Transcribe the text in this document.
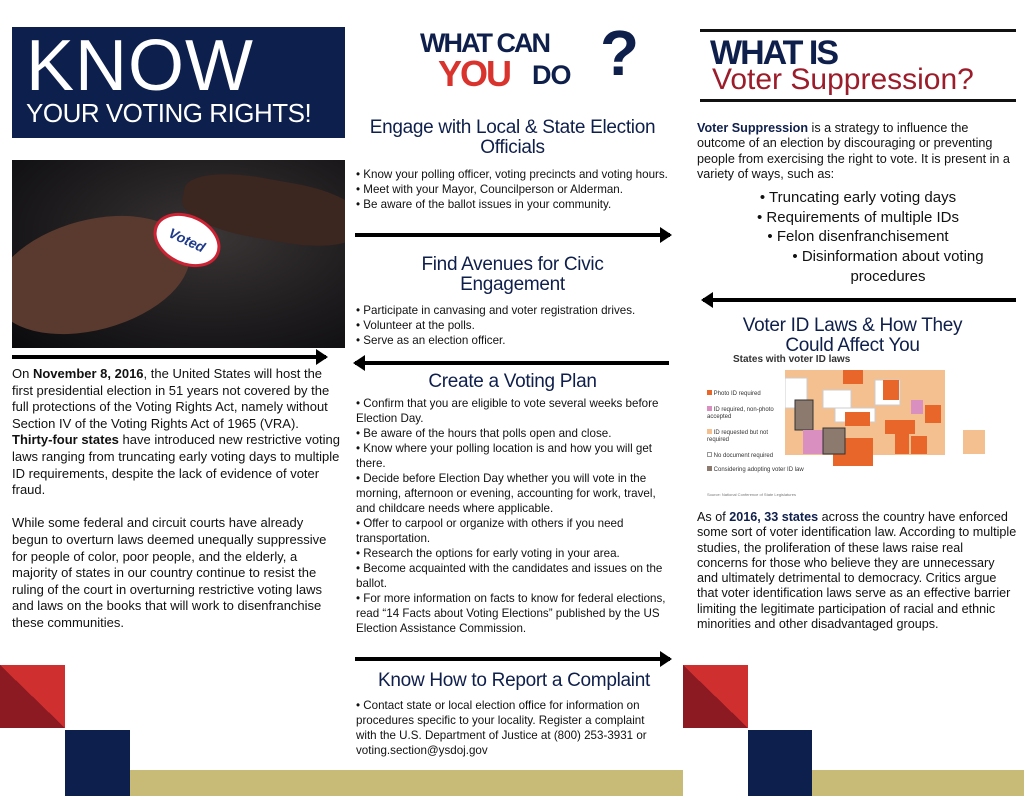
KNOW
YOUR VOTING RIGHTS!
Voted

On November 8, 2016, the United States will host the first presidential election in 51 years not covered by the full protections of the Voting Rights Act, namely without Section IV of the Voting Rights Act of 1965 (VRA). Thirty-four states have introduced new restrictive voting laws ranging from truncating early voting days to multiple ID requirements, despite the lack of evidence of voter fraud.

While some federal and circuit courts have already begun to overturn laws deemed unequally suppressive for people of color, poor people, and the elderly, a majority of states in our country continue to resist the ruling of the court in overturning restrictive voting laws and laws on the books that will work to disenfranchise these communities.

WHAT CAN
YOU DO ?
Engage with Local & State Election Officials
• Know your polling officer, voting precincts and voting hours.
• Meet with your Mayor, Councilperson or Alderman.
• Be aware of the ballot issues in your community.
Find Avenues for Civic Engagement
• Participate in canvasing and voter registration drives.
• Volunteer at the polls.
• Serve as an election officer.
Create a Voting Plan
• Confirm that you are eligible to vote several weeks before Election Day.
• Be aware of the hours that polls open and close.
• Know where your polling location is and how you will get there.
• Decide before Election Day whether you will vote in the morning, afternoon or evening, accounting for work, travel, and childcare needs where applicable.
• Offer to carpool or organize with others if you need transportation.
• Research the options for early voting in your area.
• Become acquainted with the candidates and issues on the ballot.
• For more information on facts to know for federal elections, read “14 Facts about Voting Elections” published by the US Election Assistance Commission.
Know How to Report a Complaint
• Contact state or local election office for information on procedures specific to your locality. Register a complaint with the U.S. Department of Justice at (800) 253-3931 or voting.section@ysdoj.gov
WHAT IS
Voter Suppression?
Voter Suppression is a strategy to influence the outcome of an election by discouraging or preventing people from exercising the right to vote. It is present in a variety of ways, such as:
• Truncating early voting days
• Requirements of multiple IDs
• Felon disenfranchisement
• Disinformation about voting procedures
Voter ID Laws & How They Could Affect You
States with voter ID laws
Photo ID required
ID required, non-photo accepted
ID requested but not required
No document required
Considering adopting voter ID law
Source: National Conference of State Legislatures
As of 2016, 33 states across the country have enforced some sort of voter identification law. According to multiple studies, the proliferation of these laws raise real concerns for those who believe they are unnecessary and ultimately detrimental to democracy. Critics argue that voter identification laws serve as an effective barrier limiting the legitimate participation of racial and ethnic minorities and other disadvantaged groups.
